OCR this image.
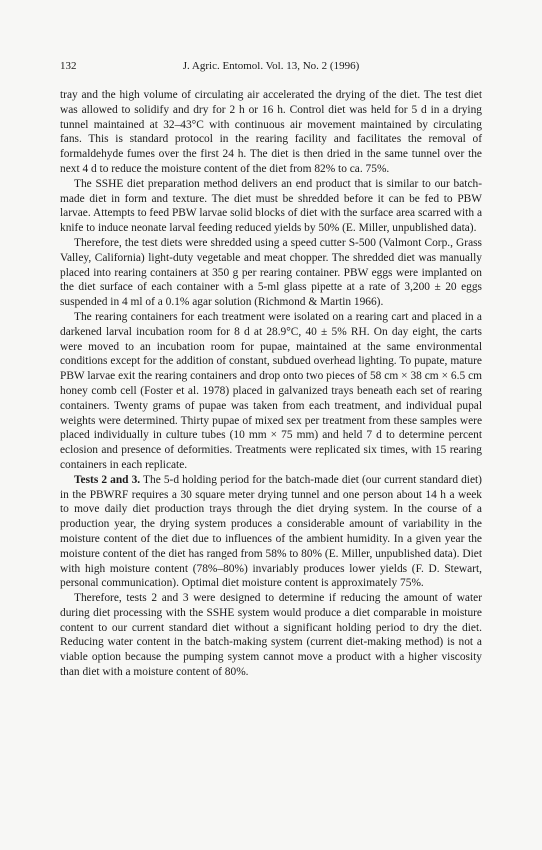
132	J. Agric. Entomol. Vol. 13, No. 2 (1996)

tray and the high volume of circulating air accelerated the drying of the diet. The test diet was allowed to solidify and dry for 2 h or 16 h. Control diet was held for 5 d in a drying tunnel maintained at 32–43°C with continuous air movement maintained by circulating fans. This is standard protocol in the rearing facility and facilitates the removal of formaldehyde fumes over the first 24 h. The diet is then dried in the same tunnel over the next 4 d to reduce the moisture content of the diet from 82% to ca. 75%.

The SSHE diet preparation method delivers an end product that is similar to our batch-made diet in form and texture. The diet must be shredded before it can be fed to PBW larvae. Attempts to feed PBW larvae solid blocks of diet with the surface area scarred with a knife to induce neonate larval feeding reduced yields by 50% (E. Miller, unpublished data).

Therefore, the test diets were shredded using a speed cutter S-500 (Valmont Corp., Grass Valley, California) light-duty vegetable and meat chopper. The shredded diet was manually placed into rearing containers at 350 g per rearing container. PBW eggs were implanted on the diet surface of each container with a 5-ml glass pipette at a rate of 3,200 ± 20 eggs suspended in 4 ml of a 0.1% agar solution (Richmond & Martin 1966).

The rearing containers for each treatment were isolated on a rearing cart and placed in a darkened larval incubation room for 8 d at 28.9°C, 40 ± 5% RH. On day eight, the carts were moved to an incubation room for pupae, maintained at the same environmental conditions except for the addition of constant, subdued overhead lighting. To pupate, mature PBW larvae exit the rearing containers and drop onto two pieces of 58 cm × 38 cm × 6.5 cm honey comb cell (Foster et al. 1978) placed in galvanized trays beneath each set of rearing containers. Twenty grams of pupae was taken from each treatment, and individual pupal weights were determined. Thirty pupae of mixed sex per treatment from these samples were placed individually in culture tubes (10 mm × 75 mm) and held 7 d to determine percent eclosion and presence of deformities. Treatments were replicated six times, with 15 rearing containers in each replicate.

Tests 2 and 3. The 5-d holding period for the batch-made diet (our current standard diet) in the PBWRF requires a 30 square meter drying tunnel and one person about 14 h a week to move daily diet production trays through the diet drying system. In the course of a production year, the drying system produces a considerable amount of variability in the moisture content of the diet due to influences of the ambient humidity. In a given year the moisture content of the diet has ranged from 58% to 80% (E. Miller, unpublished data). Diet with high moisture content (78%–80%) invariably produces lower yields (F. D. Stewart, personal communication). Optimal diet moisture content is approximately 75%.

Therefore, tests 2 and 3 were designed to determine if reducing the amount of water during diet processing with the SSHE system would produce a diet comparable in moisture content to our current standard diet without a significant holding period to dry the diet. Reducing water content in the batch-making system (current diet-making method) is not a viable option because the pumping system cannot move a product with a higher viscosity than diet with a moisture content of 80%.
